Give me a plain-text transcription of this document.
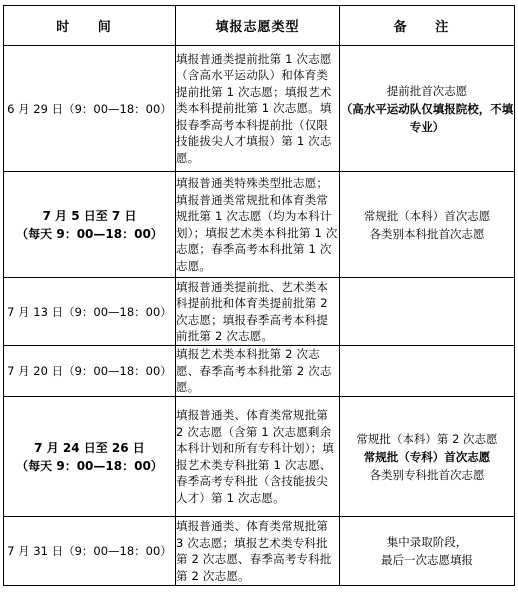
时 间	填报志愿类型	备 注

6 月 29 日（9：00—18：00）	填报普通类提前批第 1 次志愿（含高水平运动队）和体育类提前批第 1 次志愿；填报艺术类本科提前批第 1 次志愿。填报春季高考本科提前批（仅限技能拔尖人才填报）第 1 次志愿。	提前批首次志愿
（高水平运动队仅填报院校，不填专业）

7 月 5 日至 7 日
（每天 9：00—18：00）	填报普通类特殊类型批志愿；填报普通类常规批和体育类常规批第 1 次志愿（均为本科计划）；填报艺术类本科批第 1 次志愿；春季高考本科批第 1 次志愿。	常规批（本科）首次志愿
各类别本科批首次志愿

7 月 13 日（9：00—18：00）	填报普通类提前批、艺术类本科提前批和体育类提前批第 2 次志愿；填报春季高考本科提前批第 2 次志愿。	

7 月 20 日（9：00—18：00）	填报艺术类本科批第 2 次志愿、春季高考本科批第 2 次志愿。	

7 月 24 日至 26 日
（每天 9：00—18：00）	填报普通类、体育类常规批第 2 次志愿（含第 1 次志愿剩余本科计划和所有专科计划）；填报艺术类专科批第 1 次志愿、春季高考专科批（含技能拔尖人才）第 1 次志愿。	常规批（本科）第 2 次志愿
常规批（专科）首次志愿
各类别专科批首次志愿

7 月 31 日（9：00—18：00）	填报普通类、体育类常规批第 3 次志愿；填报艺术类专科批第 2 次志愿、春季高考专科批第 2 次志愿。	集中录取阶段，
最后一次志愿填报
